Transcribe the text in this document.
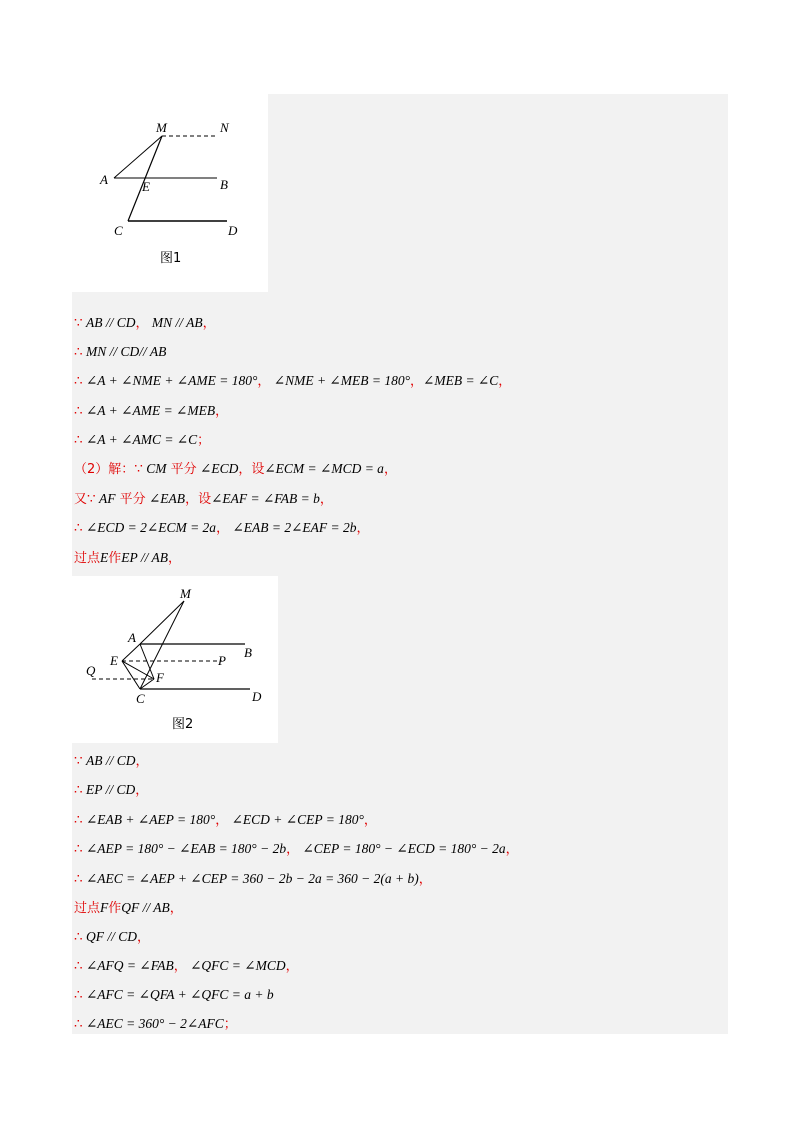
M	N
A	B
E
C	D
图1
M
A
B
E	P
Q	F
C	D
图2
∵ AB // CD， MN // AB，
∴ MN // CD// AB
∴ ∠A + ∠NME + ∠AME = 180°， ∠NME + ∠MEB = 180°，∠MEB = ∠C，
∴ ∠A + ∠AME = ∠MEB，
∴ ∠A + ∠AMC = ∠C；
（2）解：∵ CM 平分 ∠ECD，设∠ECM = ∠MCD = a，
又∵ AF 平分 ∠EAB，设∠EAF = ∠FAB = b，
∴ ∠ECD = 2∠ECM = 2a， ∠EAB = 2∠EAF = 2b，
过点E作EP // AB，
∵ AB // CD，
∴ EP // CD，
∴ ∠EAB + ∠AEP = 180°， ∠ECD + ∠CEP = 180°，
∴ ∠AEP = 180° − ∠EAB = 180° − 2b， ∠CEP = 180° − ∠ECD = 180° − 2a，
∴ ∠AEC = ∠AEP + ∠CEP = 360 − 2b − 2a = 360 − 2(a + b)，
过点F作QF // AB，
∴ QF // CD，
∴ ∠AFQ = ∠FAB， ∠QFC = ∠MCD，
∴ ∠AFC = ∠QFA + ∠QFC = a + b
∴ ∠AEC = 360° − 2∠AFC；
